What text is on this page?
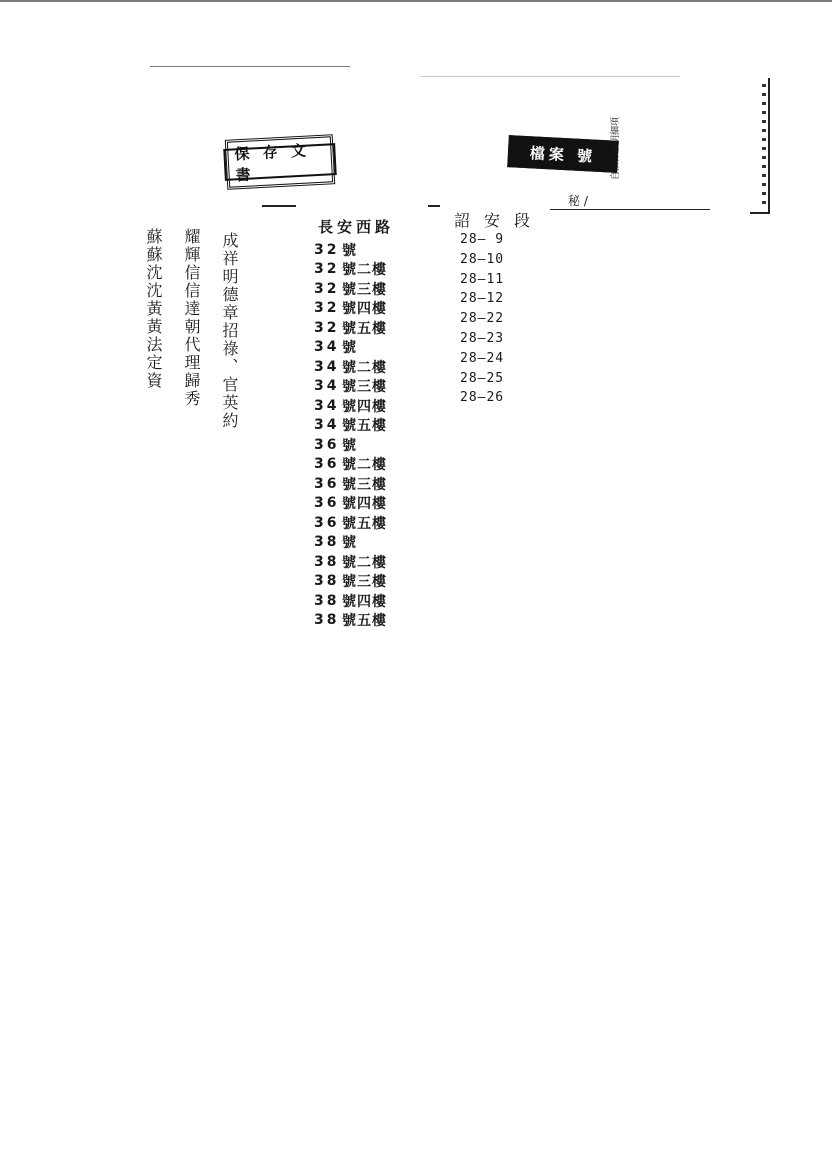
保 存 文 書
檔案 號
秘 /
自治体表明細項
成祥明德章招祿、官英約
耀輝信信達朝代理歸秀
蘇蘇沈沈黃黃法定資
長安西路
32 號
32 號二樓
32 號三樓
32 號四樓
32 號五樓
34 號
34 號二樓
34 號三樓
34 號四樓
34 號五樓
36 號
36 號二樓
36 號三樓
36 號四樓
36 號五樓
38 號
38 號二樓
38 號三樓
38 號四樓
38 號五樓
詔安段
28– 9
28–10
28–11
28–12
28–22
28–23
28–24
28–25
28–26
